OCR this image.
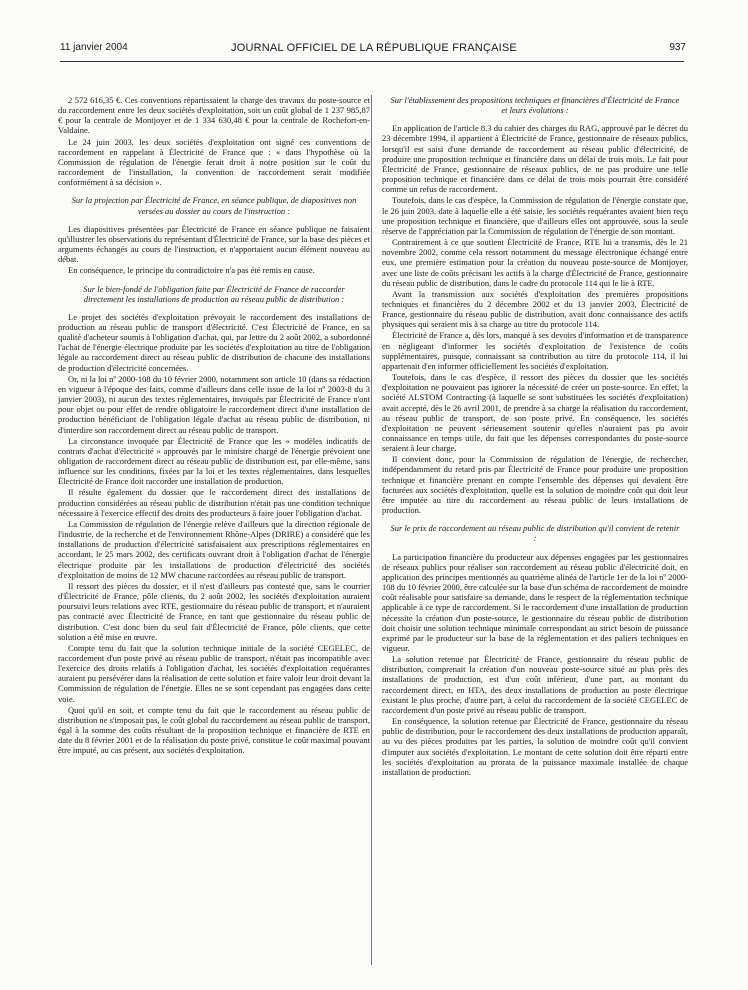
11 janvier 2004	JOURNAL OFFICIEL DE LA RÉPUBLIQUE FRANÇAISE	937

2 572 616,35 €. Ces conventions répartissaient la charge des travaux du poste-source et du raccordement entre les deux sociétés d'exploitation, soit un coût global de 1 237 985,87 € pour la centrale de Montjoyer et de 1 334 630,48 € pour la centrale de Rochefort-en-Valdaine.

Le 24 juin 2003, les deux sociétés d'exploitation ont signé ces conventions de raccordement en rappelant à Électricité de France que : « dans l'hypothèse où la Commission de régulation de l'énergie ferait droit à notre position sur le coût du raccordement de l'installation, la convention de raccordement serait modifiée conformément à sa décision ».

Sur la projection par Électricité de France, en séance publique, de diapositives non versées au dossier au cours de l'instruction :

Les diapositives présentées par Électricité de France en séance publique ne faisaient qu'illustrer les observations du représentant d'Électricité de France, sur la base des pièces et arguments échangés au cours de l'instruction, et n'apportaient aucun élément nouveau au débat.

En conséquence, le principe du contradictoire n'a pas été remis en cause.

Sur le bien-fondé de l'obligation faite par Électricité de France de raccorder directement les installations de production au réseau public de distribution :

Le projet des sociétés d'exploitation prévoyait le raccordement des installations de production au réseau public de transport d'électricité. C'est Électricité de France, en sa qualité d'acheteur soumis à l'obligation d'achat, qui, par lettre du 2 août 2002, a subordonné l'achat de l'énergie électrique produite par les sociétés d'exploitation au titre de l'obligation légale au raccordement direct au réseau public de distribution de chacune des installations de production d'électricité concernées.

Or, ni la loi nº 2000-108 du 10 février 2000, notamment son article 10 (dans sa rédaction en vigueur à l'époque des faits, comme d'ailleurs dans celle issue de la loi nº 2003-8 du 3 janvier 2003), ni aucun des textes réglementaires, invoqués par Électricité de France n'ont pour objet ou pour effet de rendre obligatoire le raccordement direct d'une installation de production bénéficiant de l'obligation légale d'achat au réseau public de distribution, ni d'interdire son raccordement direct au réseau public de transport.

La circonstance invoquée par Électricité de France que les « modèles indicatifs de contrats d'achat d'électricité » approuvés par le ministre chargé de l'énergie prévoient une obligation de raccordement direct au réseau public de distribution est, par elle-même, sans influence sur les conditions, fixées par la loi et les textes réglementaires, dans lesquelles Électricité de France doit raccorder une installation de production.

Il résulte également du dossier que le raccordement direct des installations de production considérées au réseau public de distribution n'était pas une condition technique nécessaire à l'exercice effectif des droits des producteurs à faire jouer l'obligation d'achat.

La Commission de régulation de l'énergie relève d'ailleurs que la direction régionale de l'industrie, de la recherche et de l'environnement Rhône-Alpes (DRIRE) a considéré que les installations de production d'électricité satisfaisaient aux prescriptions réglementaires en accordant, le 25 mars 2002, des certificats ouvrant droit à l'obligation d'achat de l'énergie électrique produite par les installations de production d'électricité des sociétés d'exploitation de moins de 12 MW chacune raccordées au réseau public de transport.

Il ressort des pièces du dossier, et il n'est d'ailleurs pas contesté que, sans le courrier d'Électricité de France, pôle clients, du 2 août 2002, les sociétés d'exploitation auraient poursuivi leurs relations avec RTE, gestionnaire du réseau public de transport, et n'auraient pas contracté avec Électricité de France, en tant que gestionnaire du réseau public de distribution. C'est donc bien du seul fait d'Électricité de France, pôle clients, que cette solution a été mise en œuvre.

Compte tenu du fait que la solution technique initiale de la société CEGELEC, de raccordement d'un poste privé au réseau public de transport, n'était pas incompatible avec l'exercice des droits relatifs à l'obligation d'achat, les sociétés d'exploitation requérantes auraient pu persévérer dans la réalisation de cette solution et faire valoir leur droit devant la Commission de régulation de l'énergie. Elles ne se sont cependant pas engagées dans cette voie.

Quoi qu'il en soit, et compte tenu du fait que le raccordement au réseau public de distribution ne s'imposait pas, le coût global du raccordement au réseau public de transport, égal à la somme des coûts résultant de la proposition technique et financière de RTE en date du 8 février 2001 et de la réalisation du poste privé, constitue le coût maximal pouvant être imputé, au cas présent, aux sociétés d'exploitation.

Sur l'établissement des propositions techniques et financières d'Électricité de France et leurs évolutions :

En application de l'article 8.3 du cahier des charges du RAG, approuvé par le décret du 23 décembre 1994, il appartient à Électricité de France, gestionnaire de réseaux publics, lorsqu'il est saisi d'une demande de raccordement au réseau public d'électricité, de produire une proposition technique et financière dans un délai de trois mois. Le fait pour Électricité de France, gestionnaire de réseaux publics, de ne pas produire une telle proposition technique et financière dans ce délai de trois mois pourrait être considéré comme un refus de raccordement.

Toutefois, dans le cas d'espèce, la Commission de régulation de l'énergie constate que, le 26 juin 2003, date à laquelle elle a été saisie, les sociétés requérantes avaient bien reçu une proposition technique et financière, que d'ailleurs elles ont approuvée, sous la seule réserve de l'appréciation par la Commission de régulation de l'énergie de son montant.

Contrairement à ce que soutient Électricité de France, RTE lui a transmis, dès le 21 novembre 2002, comme cela ressort notamment du message électronique échangé entre eux, une première estimation pour la création du nouveau poste-source de Montjoyer, avec une liste de coûts précisant les actifs à la charge d'Électricité de France, gestionnaire du réseau public de distribution, dans le cadre du protocole 114 qui le lie à RTE.

Avant la transmission aux sociétés d'exploitation des premières propositions techniques et financières du 2 décembre 2002 et du 13 janvier 2003, Électricité de France, gestionnaire du réseau public de distribution, avait donc connaissance des actifs physiques qui seraient mis à sa charge au titre du protocole 114.

Électricité de France a, dès lors, manqué à ses devoirs d'information et de transparence en négligeant d'informer les sociétés d'exploitation de l'existence de coûts supplémentaires, puisque, connaissant sa contribution au titre du protocole 114, il lui appartenait d'en informer officiellement les sociétés d'exploitation.

Toutefois, dans le cas d'espèce, il ressort des pièces du dossier que les sociétés d'exploitation ne pouvaient pas ignorer la nécessité de créer un poste-source. En effet, la société ALSTOM Contracting (à laquelle se sont substituées les sociétés d'exploitation) avait accepté, dès le 26 avril 2001, de prendre à sa charge la réalisation du raccordement, au réseau public de transport, de son poste privé. En conséquence, les sociétés d'exploitation ne peuvent sérieusement soutenir qu'elles n'auraient pas pu avoir connaissance en temps utile, du fait que les dépenses correspondantes du poste-source seraient à leur charge.

Il convient donc, pour la Commission de régulation de l'énergie, de rechercher, indépendamment du retard pris par Électricité de France pour produire une proposition technique et financière prenant en compte l'ensemble des dépenses qui devaient être facturées aux sociétés d'exploitation, quelle est la solution de moindre coût qui doit leur être imputée au titre du raccordement au réseau public de leurs installations de production.

Sur le prix de raccordement au réseau public de distribution qu'il convient de retenir :

La participation financière du producteur aux dépenses engagées par les gestionnaires de réseaux publics pour réaliser son raccordement au réseau public d'électricité doit, en application des principes mentionnés au quatrième alinéa de l'article 1er de la loi nº 2000-108 du 10 février 2000, être calculée sur la base d'un schéma de raccordement de moindre coût réalisable pour satisfaire sa demande, dans le respect de la réglementation technique applicable à ce type de raccordement. Si le raccordement d'une installation de production nécessite la création d'un poste-source, le gestionnaire du réseau public de distribution doit choisir une solution technique minimale correspondant au strict besoin de puissance exprimé par le producteur sur la base de la réglementation et des paliers techniques en vigueur.

La solution retenue par Électricité de France, gestionnaire du réseau public de distribution, comprenait la création d'un nouveau poste-source situé au plus près des installations de production, est d'un coût inférieur, d'une part, au montant du raccordement direct, en HTA, des deux installations de production au poste électrique existant le plus proche, d'autre part, à celui du raccordement de la société CEGELEC de raccordement d'un poste privé au réseau public de transport.

En conséquence, la solution retenue par Électricité de France, gestionnaire du réseau public de distribution, pour le raccordement des deux installations de production apparaît, au vu des pièces produites par les parties, la solution de moindre coût qu'il convient d'imputer aux sociétés d'exploitation. Le montant de cette solution doit être réparti entre les sociétés d'exploitation au prorata de la puissance maximale installée de chaque installation de production.
